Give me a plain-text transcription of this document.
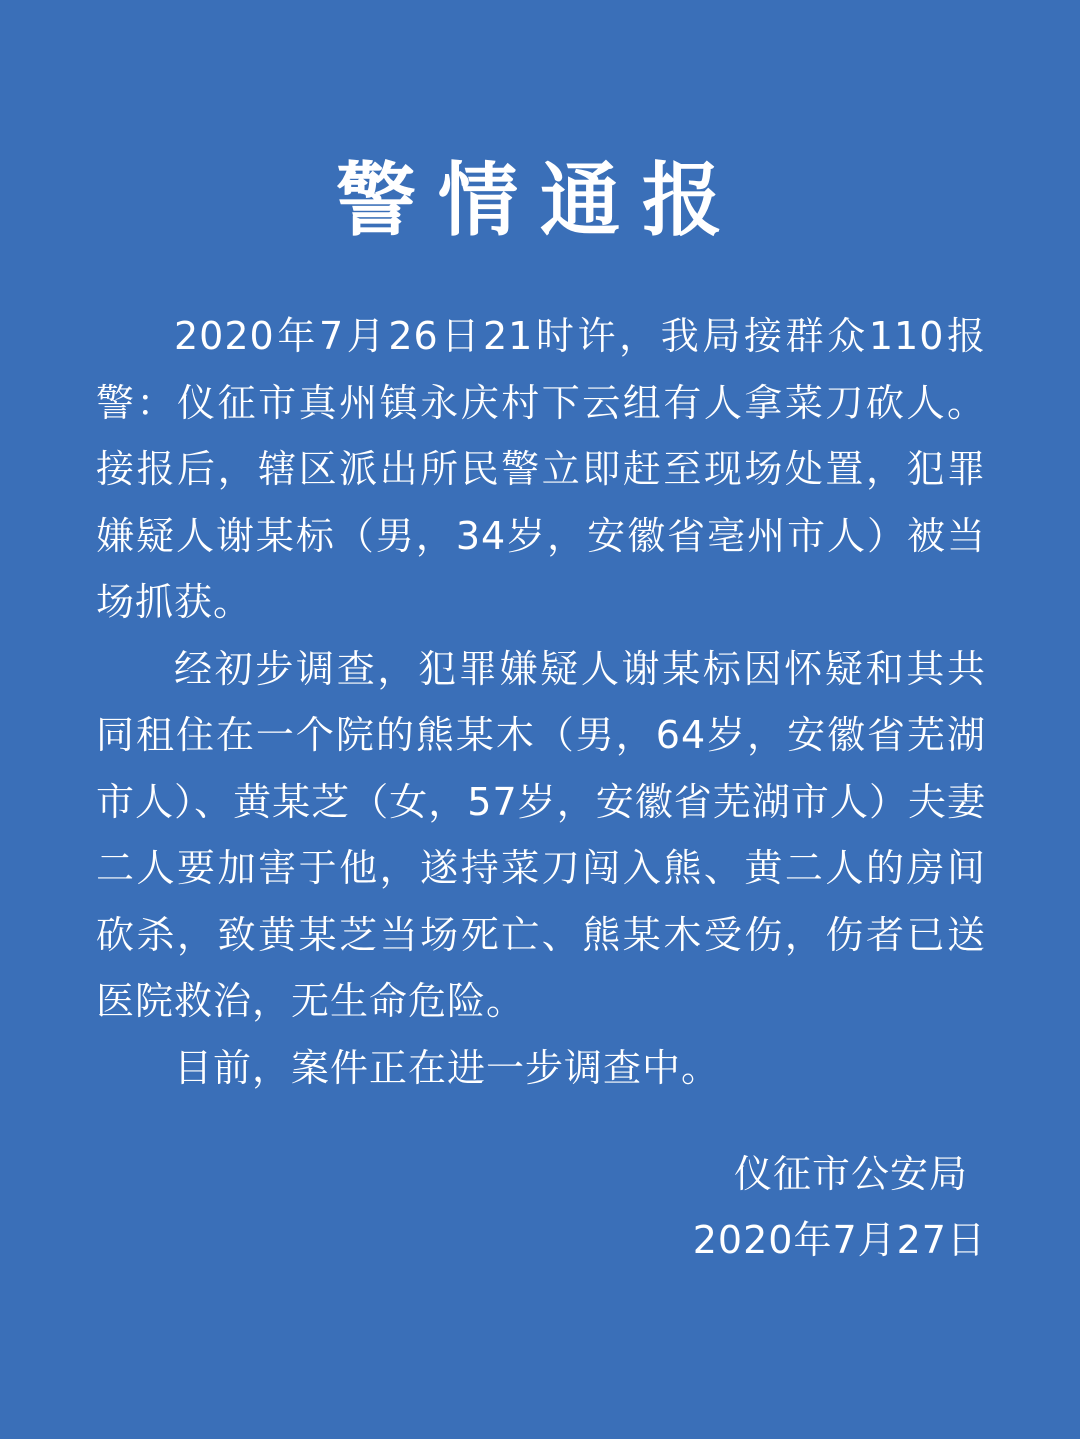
警情通报

2020年7月26日21时许，我局接群众110报警：仪征市真州镇永庆村下云组有人拿菜刀砍人。接报后，辖区派出所民警立即赶至现场处置，犯罪嫌疑人谢某标（男，34岁，安徽省亳州市人）被当场抓获。

经初步调查，犯罪嫌疑人谢某标因怀疑和其共同租住在一个院的熊某木（男，64岁，安徽省芜湖市人）、黄某芝（女，57岁，安徽省芜湖市人）夫妻二人要加害于他，遂持菜刀闯入熊、黄二人的房间砍杀，致黄某芝当场死亡、熊某木受伤，伤者已送医院救治，无生命危险。

目前，案件正在进一步调查中。

仪征市公安局
2020年7月27日
